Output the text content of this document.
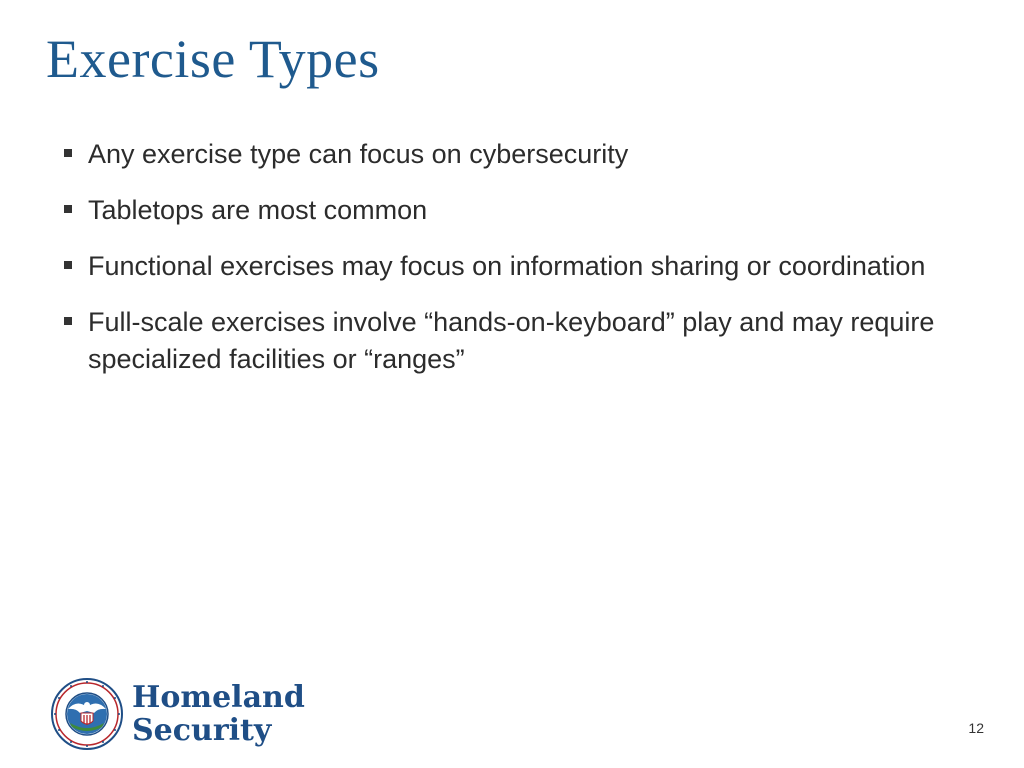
Exercise Types
Any exercise type can focus on cybersecurity
Tabletops are most common
Functional exercises may focus on information sharing or coordination
Full-scale exercises involve “hands-on-keyboard” play and may require specialized facilities or “ranges”
Homeland
Security	12
